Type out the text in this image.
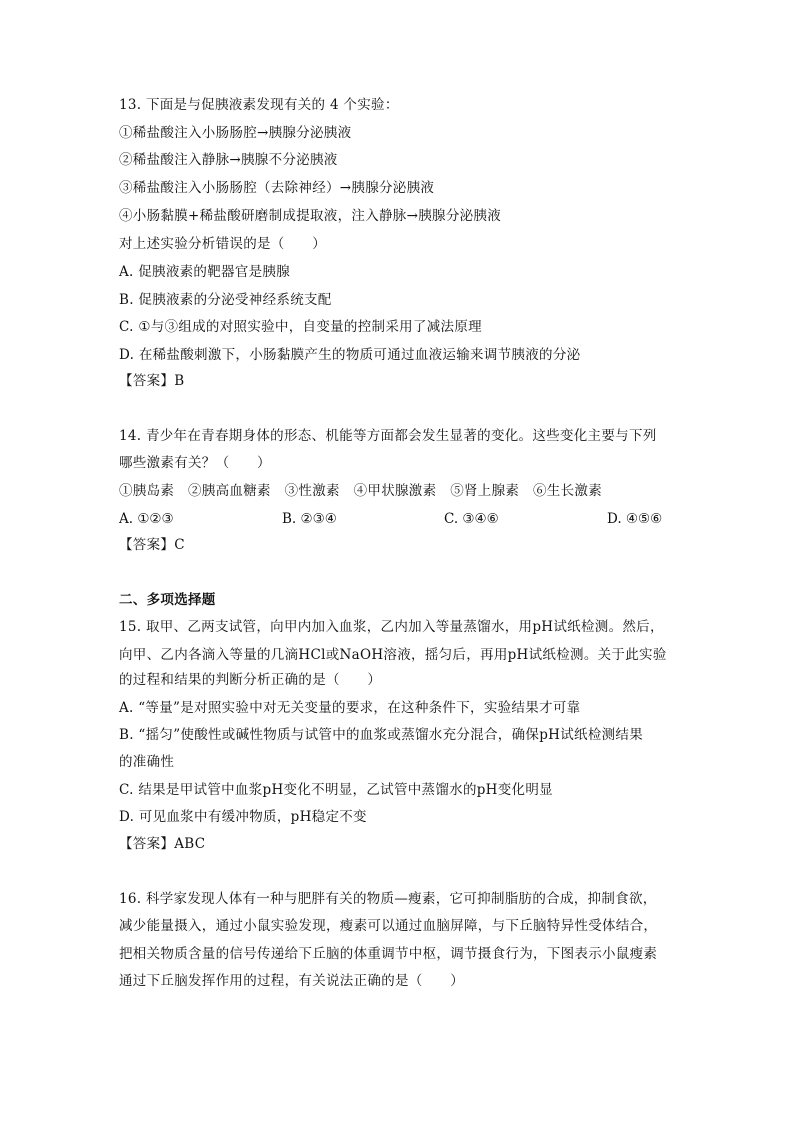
13. 下面是与促胰液素发现有关的 4 个实验：
①稀盐酸注入小肠肠腔→胰腺分泌胰液
②稀盐酸注入静脉→胰腺不分泌胰液
③稀盐酸注入小肠肠腔（去除神经）→胰腺分泌胰液
④小肠黏膜+稀盐酸研磨制成提取液，注入静脉→胰腺分泌胰液
对上述实验分析错误的是（　　）
A. 促胰液素的靶器官是胰腺
B. 促胰液素的分泌受神经系统支配
C. ①与③组成的对照实验中，自变量的控制采用了减法原理
D. 在稀盐酸刺激下，小肠黏膜产生的物质可通过血液运输来调节胰液的分泌
【答案】B
14. 青少年在青春期身体的形态、机能等方面都会发生显著的变化。这些变化主要与下列
哪些激素有关？（　　）
①胰岛素　②胰高血糖素　③性激素　④甲状腺激素　⑤肾上腺素　⑥生长激素
A. ①②③	B. ②③④	C. ③④⑥	D. ④⑤⑥
【答案】C
二、多项选择题
15. 取甲、乙两支试管，向甲内加入血浆，乙内加入等量蒸馏水，用pH试纸检测。然后，
向甲、乙内各滴入等量的几滴HCl或NaOH溶液，摇匀后，再用pH试纸检测。关于此实验
的过程和结果的判断分析正确的是（　　）
A. “等量”是对照实验中对无关变量的要求，在这种条件下，实验结果才可靠
B. “摇匀”使酸性或碱性物质与试管中的血浆或蒸馏水充分混合，确保pH试纸检测结果
的准确性
C. 结果是甲试管中血浆pH变化不明显，乙试管中蒸馏水的pH变化明显
D. 可见血浆中有缓冲物质，pH稳定不变
【答案】ABC
16. 科学家发现人体有一种与肥胖有关的物质—瘦素，它可抑制脂肪的合成，抑制食欲，
减少能量摄入，通过小鼠实验发现，瘦素可以通过血脑屏障，与下丘脑特异性受体结合，
把相关物质含量的信号传递给下丘脑的体重调节中枢，调节摄食行为，下图表示小鼠瘦素
通过下丘脑发挥作用的过程，有关说法正确的是（　　）
